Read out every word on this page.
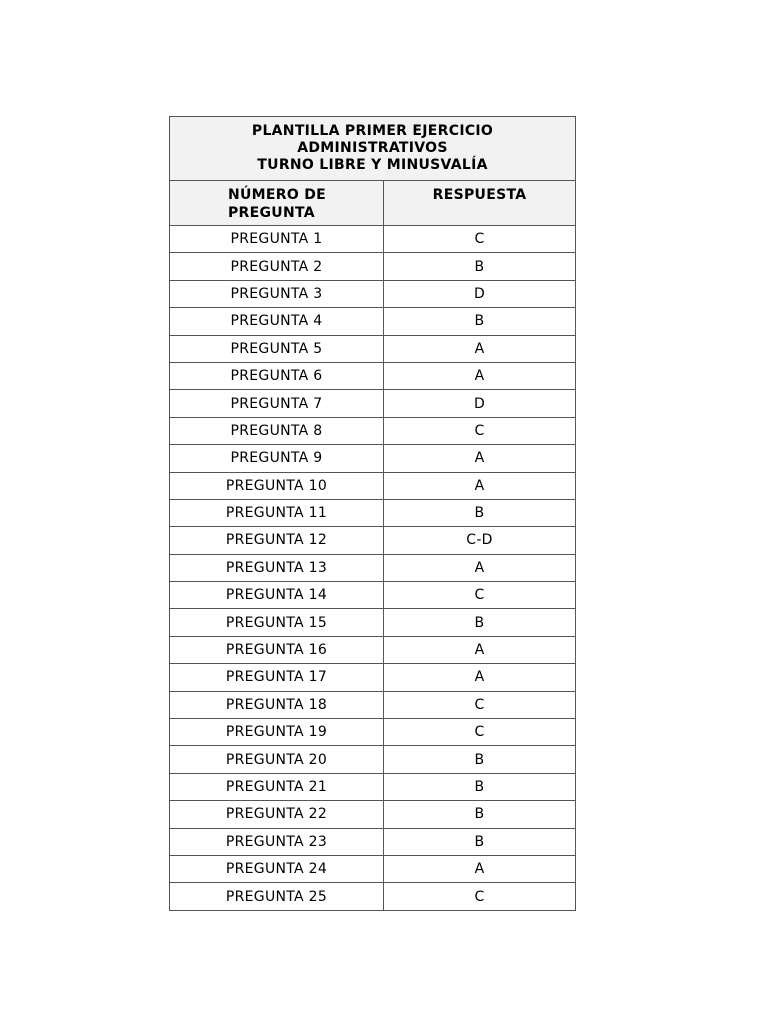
PLANTILLA PRIMER EJERCICIO
ADMINISTRATIVOS
TURNO LIBRE Y MINUSVALÍA	

NÚMERO DE
PREGUNTA	RESPUESTA
PREGUNTA 1	C
PREGUNTA 2	B
PREGUNTA 3	D
PREGUNTA 4	B
PREGUNTA 5	A
PREGUNTA 6	A
PREGUNTA 7	D
PREGUNTA 8	C
PREGUNTA 9	A
PREGUNTA 10	A
PREGUNTA 11	B
PREGUNTA 12	C-D
PREGUNTA 13	A
PREGUNTA 14	C
PREGUNTA 15	B
PREGUNTA 16	A
PREGUNTA 17	A
PREGUNTA 18	C
PREGUNTA 19	C
PREGUNTA 20	B
PREGUNTA 21	B
PREGUNTA 22	B
PREGUNTA 23	B
PREGUNTA 24	A
PREGUNTA 25	C
